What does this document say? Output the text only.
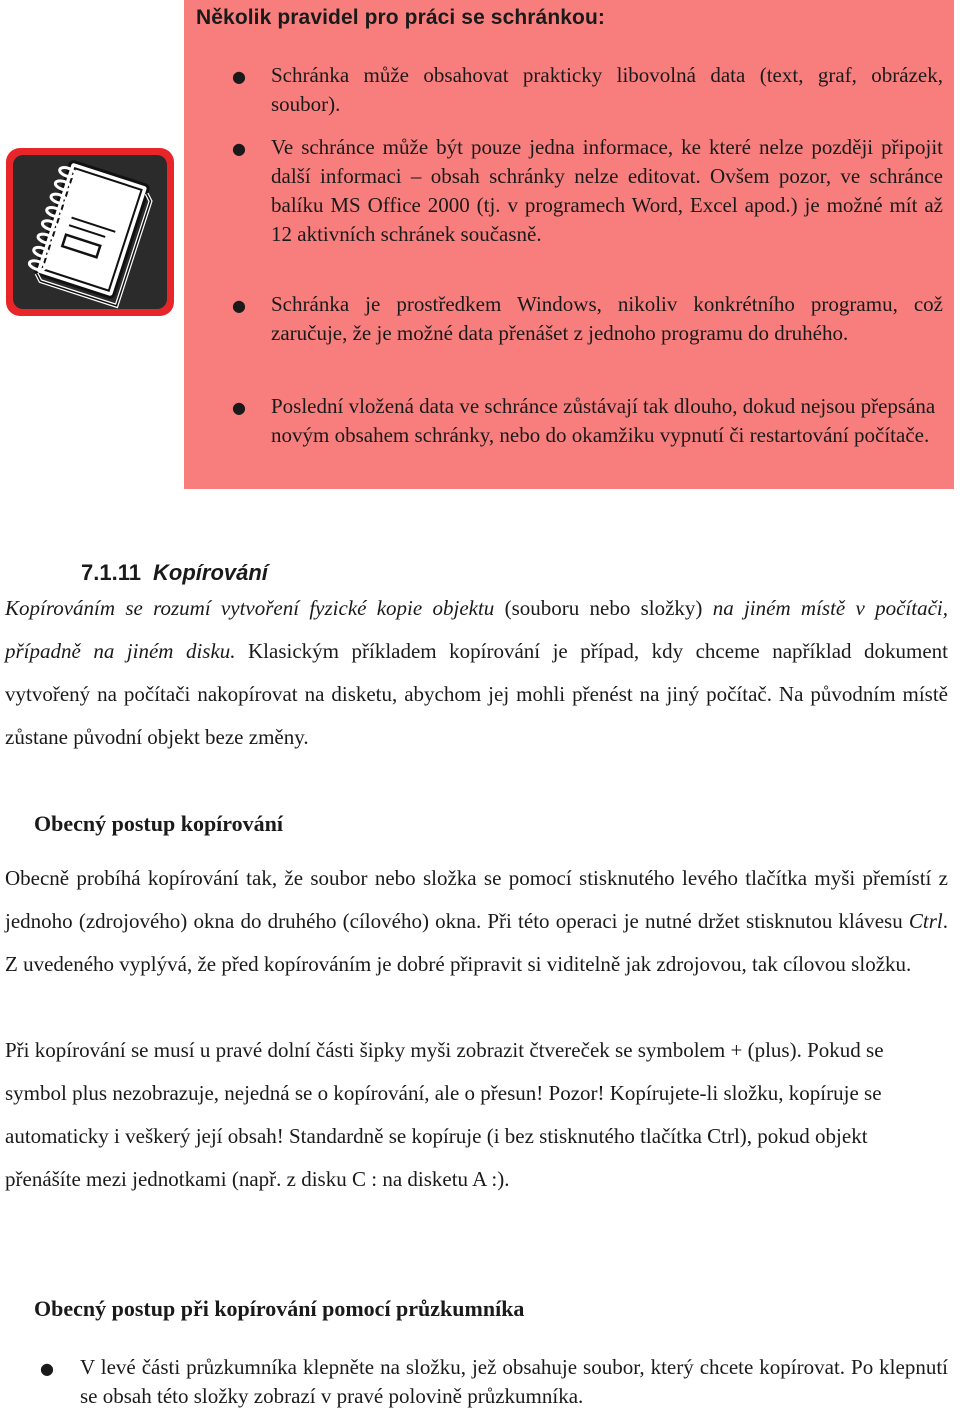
Několik pravidel pro práci se schránkou:
● Schránka může obsahovat prakticky libovolná data (text, graf, obrázek, soubor).
● Ve schránce může být pouze jedna informace, ke které nelze později připojit další informaci – obsah schránky nelze editovat. Ovšem pozor, ve schránce balíku MS Office 2000 (tj. v programech Word, Excel apod.) je možné mít až 12 aktivních schránek současně.
● Schránka je prostředkem Windows, nikoliv konkrétního programu, což zaručuje, že je možné data přenášet z jednoho programu do druhého.
● Poslední vložená data ve schránce zůstávají tak dlouho, dokud nejsou přepsána novým obsahem schránky, nebo do okamžiku vypnutí či restartování počítače.
7.1.11 Kopírování
Kopírováním se rozumí vytvoření fyzické kopie objektu (souboru nebo složky) na jiném místě v počítači, případně na jiném disku. Klasickým příkladem kopírování je případ, kdy chceme například dokument vytvořený na počítači nakopírovat na disketu, abychom jej mohli přenést na jiný počítač. Na původním místě zůstane původní objekt beze změny.
Obecný postup kopírování
Obecně probíhá kopírování tak, že soubor nebo složka se pomocí stisknutého levého tlačítka myši přemístí z jednoho (zdrojového) okna do druhého (cílového) okna. Při této operaci je nutné držet stisknutou klávesu Ctrl. Z uvedeného vyplývá, že před kopírováním je dobré připravit si viditelně jak zdrojovou, tak cílovou složku.
Při kopírování se musí u pravé dolní části šipky myši zobrazit čtvereček se symbolem + (plus). Pokud se symbol plus nezobrazuje, nejedná se o kopírování, ale o přesun! Pozor! Kopírujete-li složku, kopíruje se automaticky i veškerý její obsah! Standardně se kopíruje (i bez stisknutého tlačítka Ctrl), pokud objekt přenášíte mezi jednotkami (např. z disku C : na disketu A :).
Obecný postup při kopírování pomocí průzkumníka
● V levé části průzkumníka klepněte na složku, jež obsahuje soubor, který chcete kopírovat. Po klepnutí se obsah této složky zobrazí v pravé polovině průzkumníka.
